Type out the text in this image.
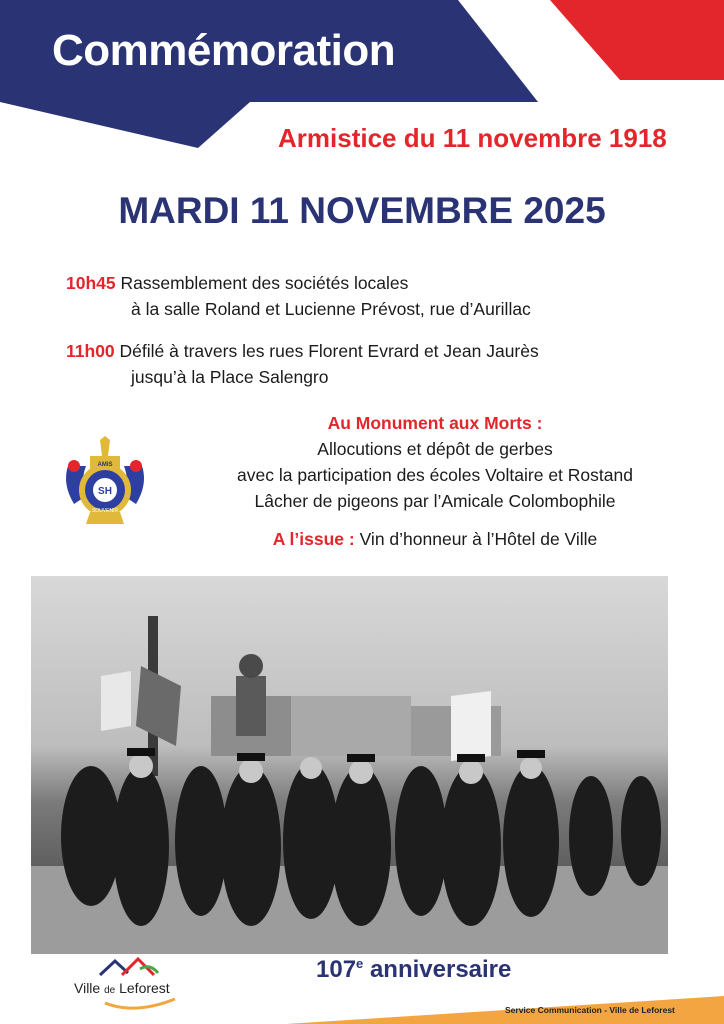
Commémoration
Armistice du 11 novembre 1918
MARDI 11 NOVEMBRE 2025
10h45 Rassemblement des sociétés locales
à la salle Roland et Lucienne Prévost, rue d’Aurillac
11h00 Défilé à travers les rues Florent Evrard et Jean Jaurès
jusqu’à la Place Salengro
Au Monument aux Morts :
Allocutions et dépôt de gerbes
avec la participation des écoles Voltaire et Rostand
Lâcher de pigeons par l’Amicale Colombophile
A l’issue : Vin d’honneur à l’Hôtel de Ville
AMIS
SH
SOUVENIR
Ville de Leforest
107e anniversaire
Service Communication - Ville de Leforest
